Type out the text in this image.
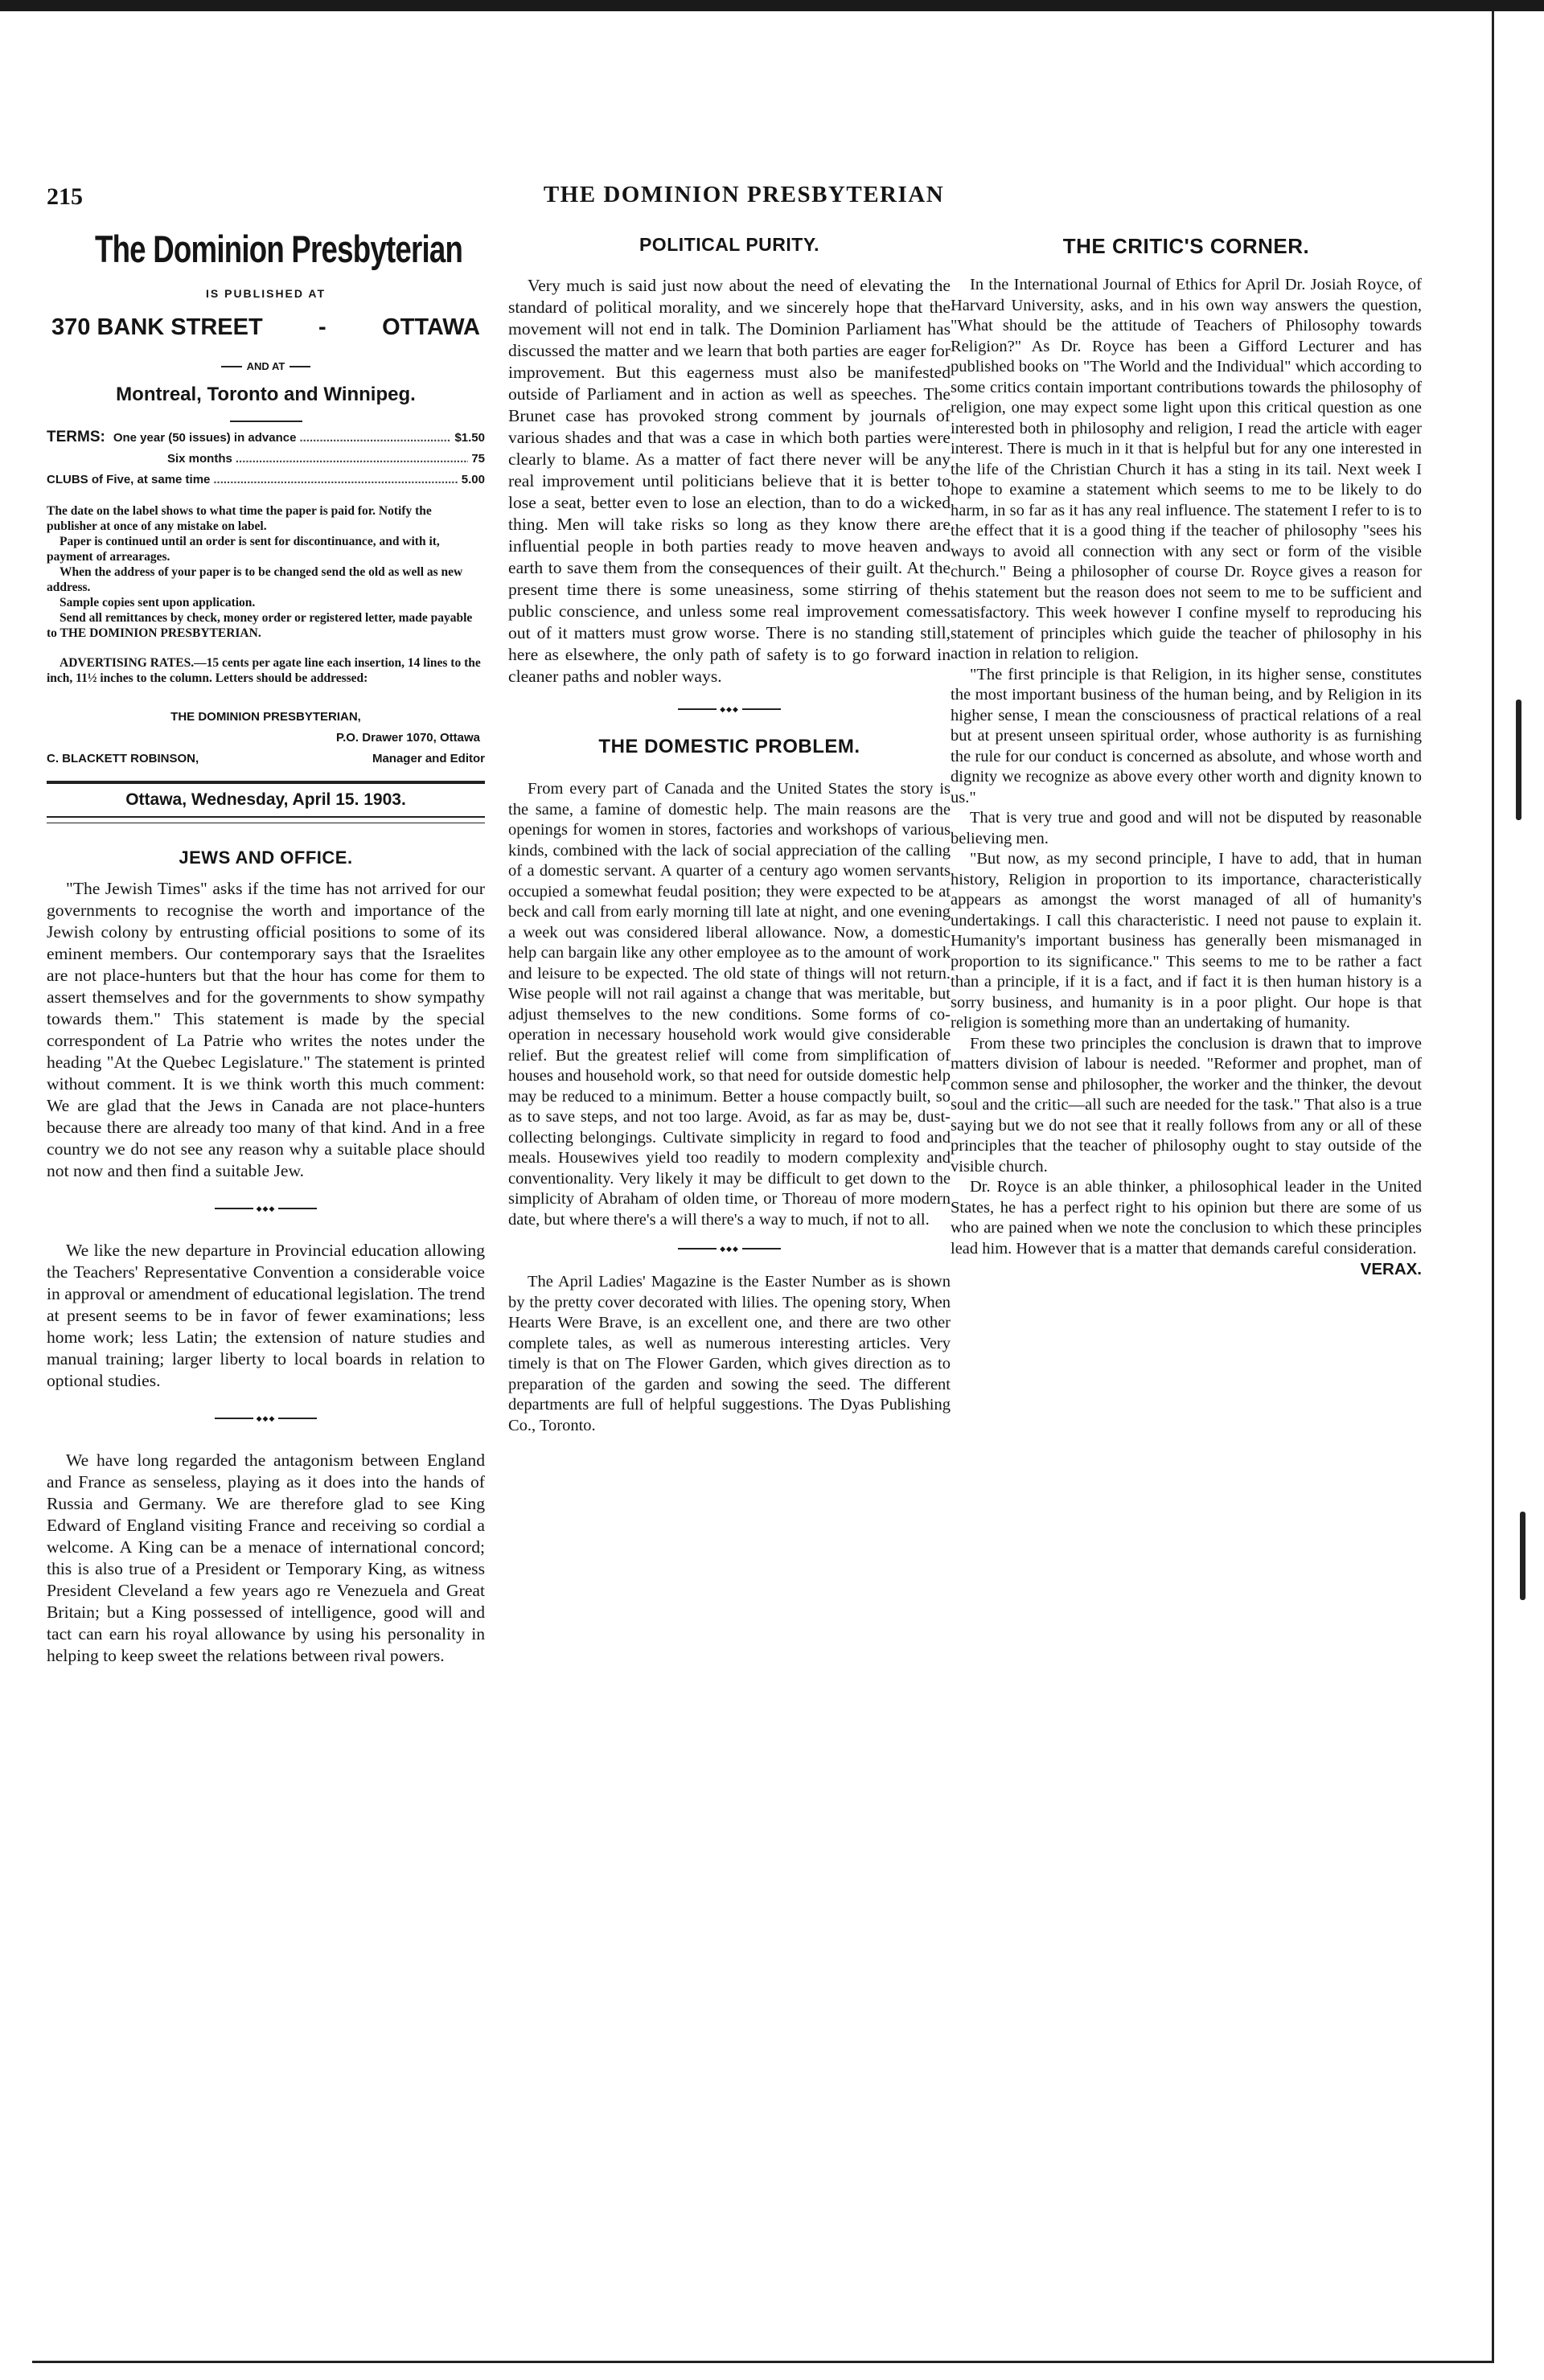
215	THE DOMINION PRESBYTERIAN
The Dominion Presbyterian
IS PUBLISHED AT
370 BANK STREET - OTTAWA
AND AT
Montreal, Toronto and Winnipeg.
TERMS: One year (50 issues) in advance .....	$1.50
Six months .....	75
CLUBS of Five, at same time .....	5.00

The date on the label shows to what time the paper is paid for. Notify the publisher at once of any mistake on label.

Paper is continued until an order is sent for discontinuance, and with it, payment of arrearages.

When the address of your paper is to be changed send the old as well as new address.

Sample copies sent upon application.

Send all remittances by check, money order or registered letter, made payable to THE DOMINION PRESBYTERIAN.

ADVERTISING RATES.—15 cents per agate line each insertion, 14 lines to the inch, 11½ inches to the column. Letters should be addressed:
THE DOMINION PRESBYTERIAN,
P.O. Drawer 1070, Ottawa
C. BLACKETT ROBINSON,	Manager and Editor
Ottawa, Wednesday, April 15. 1903.
JEWS AND OFFICE.

"The Jewish Times" asks if the time has not arrived for our governments to recognise the worth and importance of the Jewish colony by entrusting official positions to some of its eminent members. Our contemporary says that the Israelites are not place-hunters but that the hour has come for them to assert themselves and for the governments to show sympathy towards them." This statement is made by the special correspondent of La Patrie who writes the notes under the heading "At the Quebec Legislature." The statement is printed without comment. It is we think worth this much comment: We are glad that the Jews in Canada are not place-hunters because there are already too many of that kind. And in a free country we do not see any reason why a suitable place should not now and then find a suitable Jew.

◆◆◆

We like the new departure in Provincial education allowing the Teachers' Representative Convention a considerable voice in approval or amendment of educational legislation. The trend at present seems to be in favor of fewer examinations; less home work; less Latin; the extension of nature studies and manual training; larger liberty to local boards in relation to optional studies.

◆◆◆

We have long regarded the antagonism between England and France as senseless, playing as it does into the hands of Russia and Germany. We are therefore glad to see King Edward of England visiting France and receiving so cordial a welcome. A King can be a menace of international concord; this is also true of a President or Temporary King, as witness President Cleveland a few years ago re Venezuela and Great Britain; but a King possessed of intelligence, good will and tact can earn his royal allowance by using his personality in helping to keep sweet the relations between rival powers.

POLITICAL PURITY.

Very much is said just now about the need of elevating the standard of political morality, and we sincerely hope that the movement will not end in talk. The Dominion Parliament has discussed the matter and we learn that both parties are eager for improvement. But this eagerness must also be manifested outside of Parliament and in action as well as speeches. The Brunet case has provoked strong comment by journals of various shades and that was a case in which both parties were clearly to blame. As a matter of fact there never will be any real improvement until politicians believe that it is better to lose a seat, better even to lose an election, than to do a wicked thing. Men will take risks so long as they know there are influential people in both parties ready to move heaven and earth to save them from the consequences of their guilt. At the present time there is some uneasiness, some stirring of the public conscience, and unless some real improvement comes out of it matters must grow worse. There is no standing still, here as elsewhere, the only path of safety is to go forward in cleaner paths and nobler ways.

◆◆◆
THE DOMESTIC PROBLEM.

From every part of Canada and the United States the story is the same, a famine of domestic help. The main reasons are the openings for women in stores, factories and workshops of various kinds, combined with the lack of social appreciation of the calling of a domestic servant. A quarter of a century ago women servants occupied a somewhat feudal position; they were expected to be at beck and call from early morning till late at night, and one evening a week out was considered liberal allowance. Now, a domestic help can bargain like any other employee as to the amount of work and leisure to be expected. The old state of things will not return. Wise people will not rail against a change that was meritable, but adjust themselves to the new conditions. Some forms of co-operation in necessary household work would give considerable relief. But the greatest relief will come from simplification of houses and household work, so that need for outside domestic help may be reduced to a minimum. Better a house compactly built, so as to save steps, and not too large. Avoid, as far as may be, dust-collecting belongings. Cultivate simplicity in regard to food and meals. Housewives yield too readily to modern complexity and conventionality. Very likely it may be difficult to get down to the simplicity of Abraham of olden time, or Thoreau of more modern date, but where there's a will there's a way to much, if not to all.

◆◆◆

The April Ladies' Magazine is the Easter Number as is shown by the pretty cover decorated with lilies. The opening story, When Hearts Were Brave, is an excellent one, and there are two other complete tales, as well as numerous interesting articles. Very timely is that on The Flower Garden, which gives direction as to preparation of the garden and sowing the seed. The different departments are full of helpful suggestions. The Dyas Publishing Co., Toronto.

THE CRITIC'S CORNER.

In the International Journal of Ethics for April Dr. Josiah Royce, of Harvard University, asks, and in his own way answers the question, "What should be the attitude of Teachers of Philosophy towards Religion?" As Dr. Royce has been a Gifford Lecturer and has published books on "The World and the Individual" which according to some critics contain important contributions towards the philosophy of religion, one may expect some light upon this critical question as one interested both in philosophy and religion, I read the article with eager interest. There is much in it that is helpful but for any one interested in the life of the Christian Church it has a sting in its tail. Next week I hope to examine a statement which seems to me to be likely to do harm, in so far as it has any real influence. The statement I refer to is to the effect that it is a good thing if the teacher of philosophy "sees his ways to avoid all connection with any sect or form of the visible church." Being a philosopher of course Dr. Royce gives a reason for his statement but the reason does not seem to me to be sufficient and satisfactory. This week however I confine myself to reproducing his statement of principles which guide the teacher of philosophy in his action in relation to religion.

"The first principle is that Religion, in its higher sense, constitutes the most important business of the human being, and by Religion in its higher sense, I mean the consciousness of practical relations of a real but at present unseen spiritual order, whose authority is as furnishing the rule for our conduct is concerned as absolute, and whose worth and dignity we recognize as above every other worth and dignity known to us."

That is very true and good and will not be disputed by reasonable believing men.

"But now, as my second principle, I have to add, that in human history, Religion in proportion to its importance, characteristically appears as amongst the worst managed of all of humanity's undertakings. I call this characteristic. I need not pause to explain it. Humanity's important business has generally been mismanaged in proportion to its significance." This seems to me to be rather a fact than a principle, if it is a fact, and if fact it is then human history is a sorry business, and humanity is in a poor plight. Our hope is that religion is something more than an undertaking of humanity.

From these two principles the conclusion is drawn that to improve matters division of labour is needed. "Reformer and prophet, man of common sense and philosopher, the worker and the thinker, the devout soul and the critic—all such are needed for the task." That also is a true saying but we do not see that it really follows from any or all of these principles that the teacher of philosophy ought to stay outside of the visible church.

Dr. Royce is an able thinker, a philosophical leader in the United States, he has a perfect right to his opinion but there are some of us who are pained when we note the conclusion to which these principles lead him. However that is a matter that demands careful consideration.
VERAX.
